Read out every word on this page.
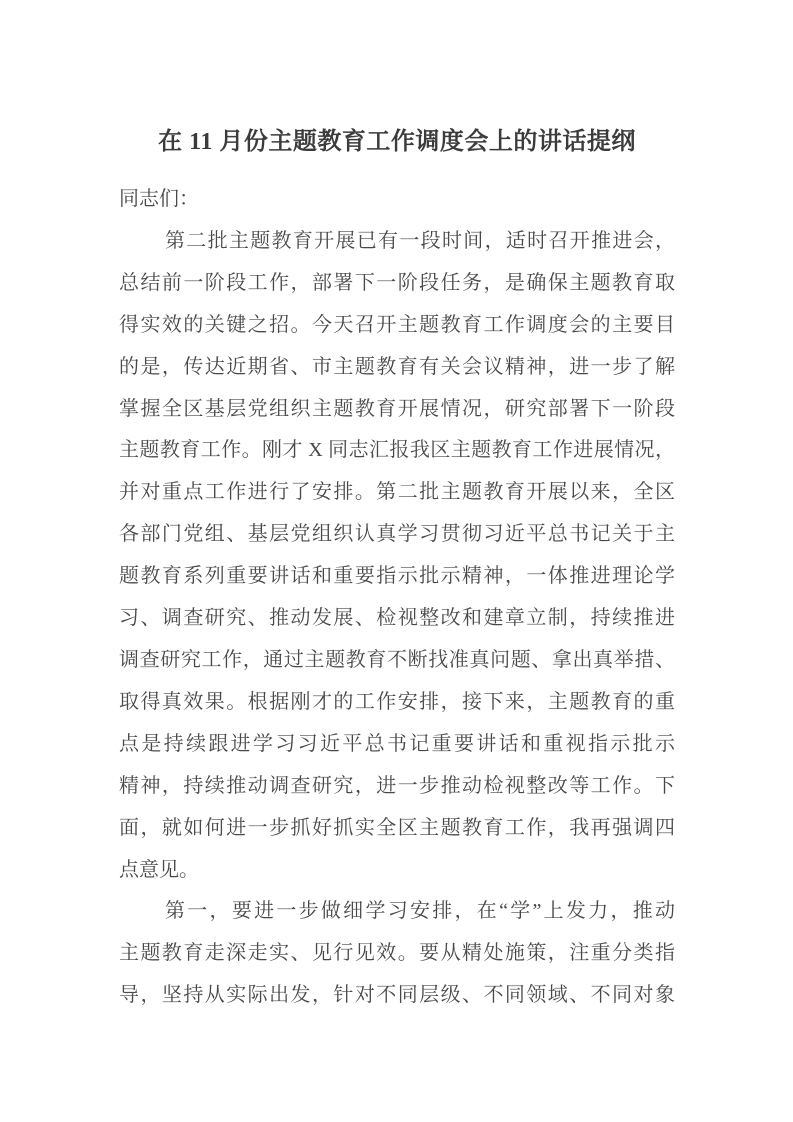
在 11 月份主题教育工作调度会上的讲话提纲
同志们：
第二批主题教育开展已有一段时间，适时召开推进会，
总结前一阶段工作，部署下一阶段任务，是确保主题教育取
得实效的关键之招。今天召开主题教育工作调度会的主要目
的是，传达近期省、市主题教育有关会议精神，进一步了解
掌握全区基层党组织主题教育开展情况，研究部署下一阶段
主题教育工作。刚才 X 同志汇报我区主题教育工作进展情况，
并对重点工作进行了安排。第二批主题教育开展以来，全区
各部门党组、基层党组织认真学习贯彻习近平总书记关于主
题教育系列重要讲话和重要指示批示精神，一体推进理论学
习、调查研究、推动发展、检视整改和建章立制，持续推进
调查研究工作，通过主题教育不断找准真问题、拿出真举措、
取得真效果。根据刚才的工作安排，接下来，主题教育的重
点是持续跟进学习习近平总书记重要讲话和重视指示批示
精神，持续推动调查研究，进一步推动检视整改等工作。下
面，就如何进一步抓好抓实全区主题教育工作，我再强调四
点意见。
第一，要进一步做细学习安排，在“学”上发力，推动
主题教育走深走实、见行见效。要从精处施策，注重分类指
导，坚持从实际出发，针对不同层级、不同领域、不同对象
